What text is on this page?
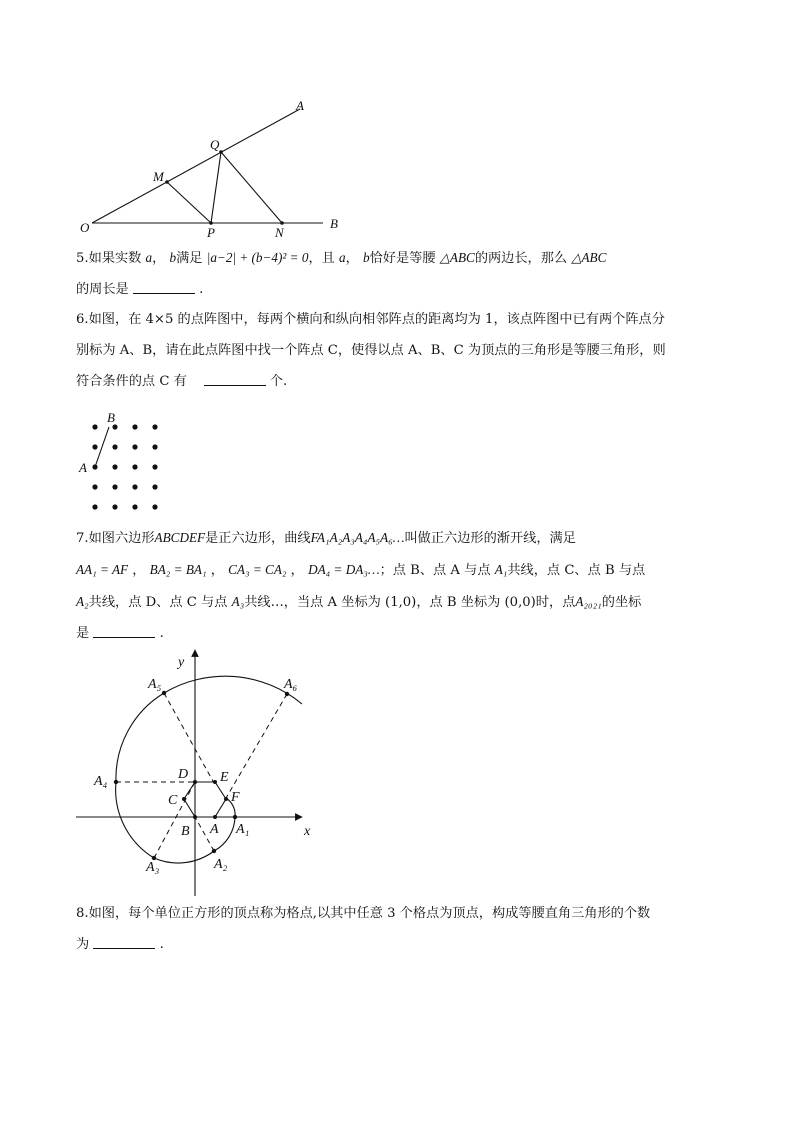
A
Q
M
O	P	N
B
5.如果实数 a， b满足 |a−2| + (b−4)² = 0，且 a， b恰好是等腰 △ABC的两边长，那么 △ABC
的周长是	.
6.如图，在 4×5 的点阵图中，每两个横向和纵向相邻阵点的距离均为 1，该点阵图中已有两个阵点分
别标为 A、B，请在此点阵图中找一个阵点 C，使得以点 A、B、C 为顶点的三角形是等腰三角形，则
符合条件的点 C 有	个.
B
A
7.如图六边形ABCDEF是正六边形，曲线FA₁A₂A₃A₄A₅A₆…叫做正六边形的渐开线，满足
AA₁ = AF ， BA₂ = BA₁ ， CA₃ = CA₂ ， DA₄ = DA₃…；点 B、点 A 与点 A₁共线，点 C、点 B 与点
A₂共线，点 D、点 C 与点 A₃共线…，当点 A 坐标为 (1,0)，点 B 坐标为 (0,0)时，点A₂₀₂₁的坐标
是	.
y
x
A₅	A₆
A₄	D E
C	F
B A A₁
A₃	A₂
8.如图，每个单位正方形的顶点称为格点,以其中任意 3 个格点为顶点，构成等腰直角三角形的个数
为	.
